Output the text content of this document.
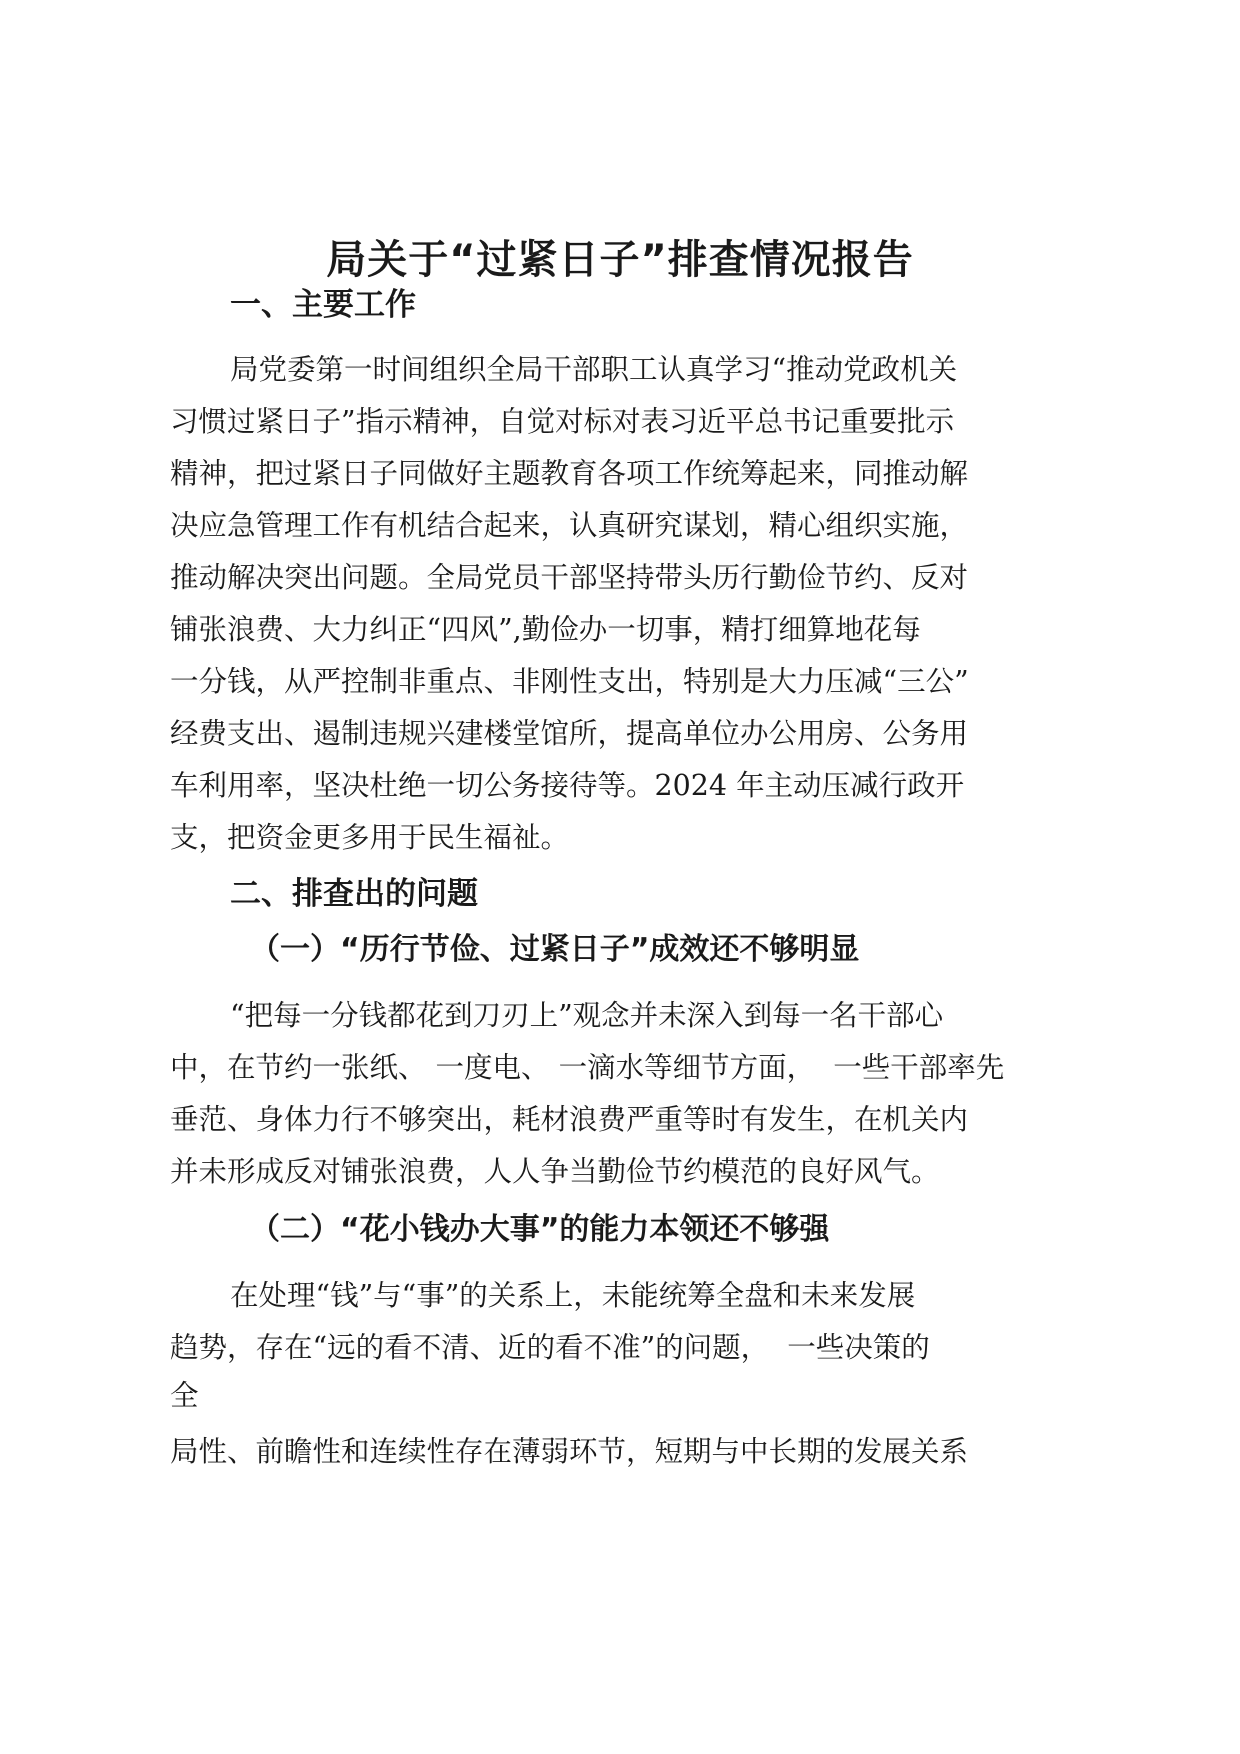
局关于“过紧日子”排查情况报告
一、主要工作
局党委第一时间组织全局干部职工认真学习“推动党政机关
习惯过紧日子”指示精神，自觉对标对表习近平总书记重要批示
精神，把过紧日子同做好主题教育各项工作统筹起来，同推动解
决应急管理工作有机结合起来，认真研究谋划，精心组织实施，
推动解决突出问题。全局党员干部坚持带头历行勤俭节约、反对
铺张浪费、大力纠正“四风”,勤俭办一切事，精打细算地花每
一分钱，从严控制非重点、非刚性支出，特别是大力压减“三公”
经费支出、遏制违规兴建楼堂馆所，提高单位办公用房、公务用
车利用率，坚决杜绝一切公务接待等。2024 年主动压减行政开
支，把资金更多用于民生福祉。
二、排查出的问题
（一）“历行节俭、过紧日子”成效还不够明显
“把每一分钱都花到刀刃上”观念并未深入到每一名干部心
中，在节约一张纸、 一度电、 一滴水等细节方面，  一些干部率先
垂范、身体力行不够突出，耗材浪费严重等时有发生，在机关内
并未形成反对铺张浪费，人人争当勤俭节约模范的良好风气。
（二）“花小钱办大事”的能力本领还不够强
在处理“钱”与“事”的关系上，未能统筹全盘和未来发展
趋势，存在“远的看不清、近的看不准”的问题，  一些决策的
全
局性、前瞻性和连续性存在薄弱环节，短期与中长期的发展关系
